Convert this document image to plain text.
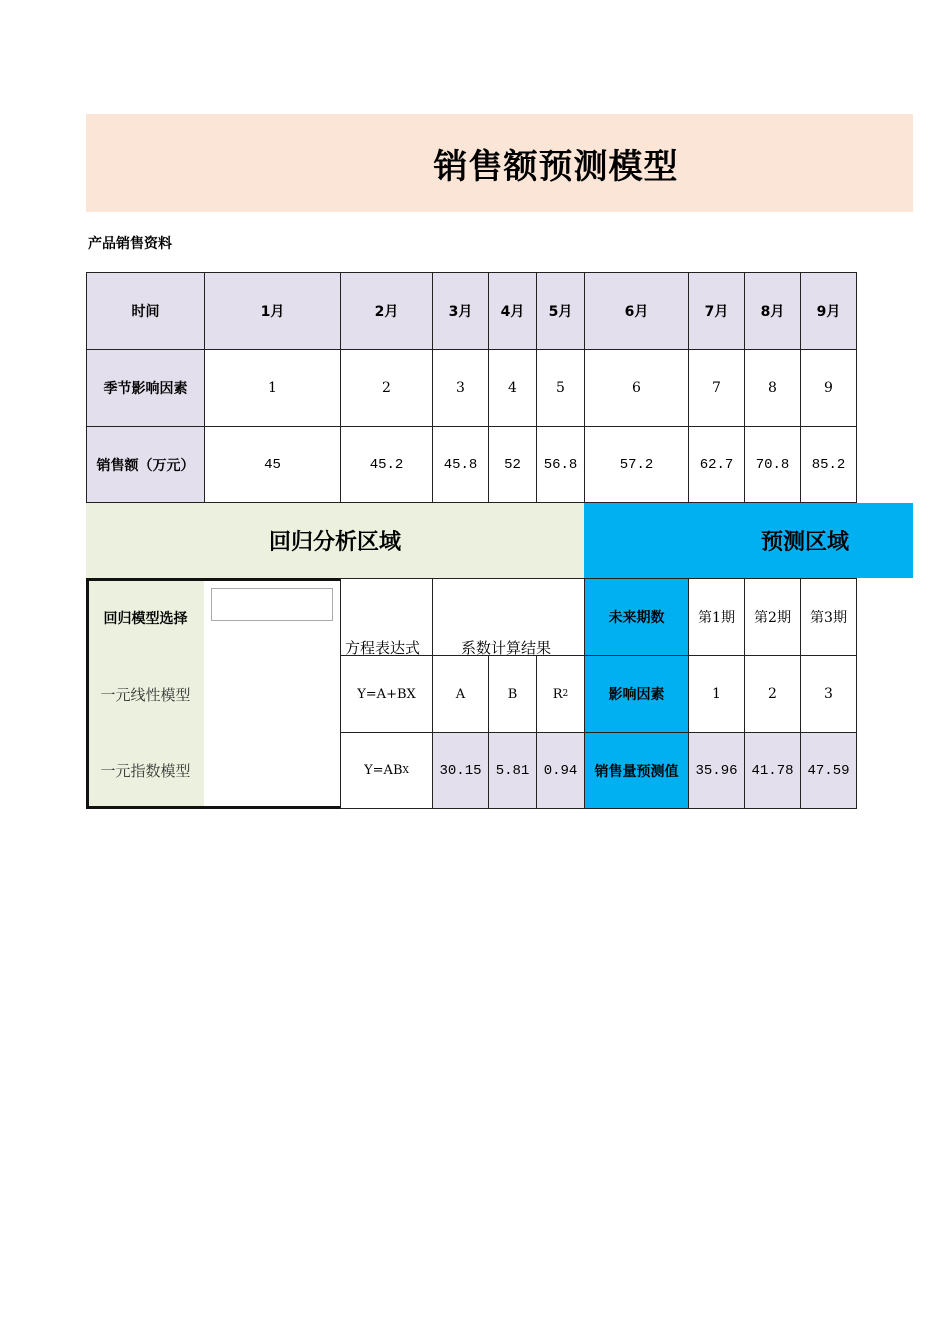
销售额预测模型
产品销售资料
时间	1月	2月	3月	4月	5月	6月	7月	8月	9月
季节影响因素	1	2	3	4	5	6	7	8	9
销售额（万元）	45	45.2	45.8	52	56.8	57.2	62.7	70.8	85.2
回归分析区域	预测区域
回归模型选择
一元线性模型
一元指数模型
方程表达式	系数计算结果
Y=A+BX	A	B	R 2
Y=AB X	30.15	5.81	0.94
未来期数	第1期	第2期	第3期
影响因素	1	2	3
销售量预测值	35.96 41.78 47.59
